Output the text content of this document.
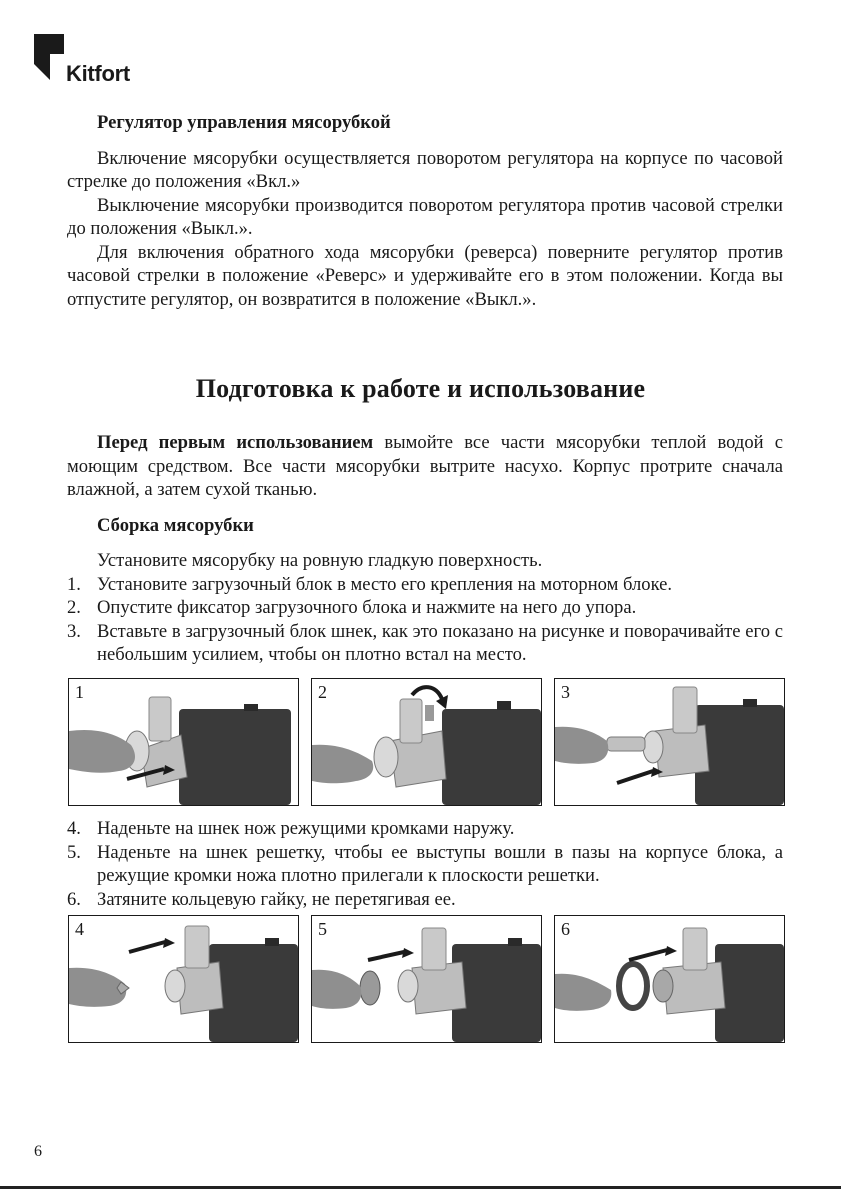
Kitfort

Регулятор управления мясорубкой

Включение мясорубки осуществляется поворотом регулятора на корпусе по часовой стрелке до положения «Вкл.»

Выключение мясорубки производится поворотом регулятора против часовой стрелки до положения «Выкл.».

Для включения обратного хода мясорубки (реверса) поверните регулятор против часовой стрелки в положение «Реверс» и удерживайте его в этом положении. Когда вы отпустите регулятор, он возвратится в положение «Выкл.».

Подготовка к работе и использование

Перед первым использованием вымойте все части мясорубки теплой водой с моющим средством. Все части мясорубки вытрите насухо. Корпус протрите сначала влажной, а затем сухой тканью.

Сборка мясорубки

Установите мясорубку на ровную гладкую поверхность.

1. Установите загрузочный блок в место его крепления на моторном блоке.
2. Опустите фиксатор загрузочного блока и нажмите на него до упора.
3. Вставьте в загрузочный блок шнек, как это показано на рисунке и поворачивайте его с небольшим усилием, чтобы он плотно встал на место.
1	2	3
4. Наденьте на шнек нож режущими кромками наружу.
5. Наденьте на шнек решетку, чтобы ее выступы вошли в пазы на корпусе блока, а режущие кромки ножа плотно прилегали к плоскости решетки.
6. Затяните кольцевую гайку, не перетягивая ее.
4	5	6
6
